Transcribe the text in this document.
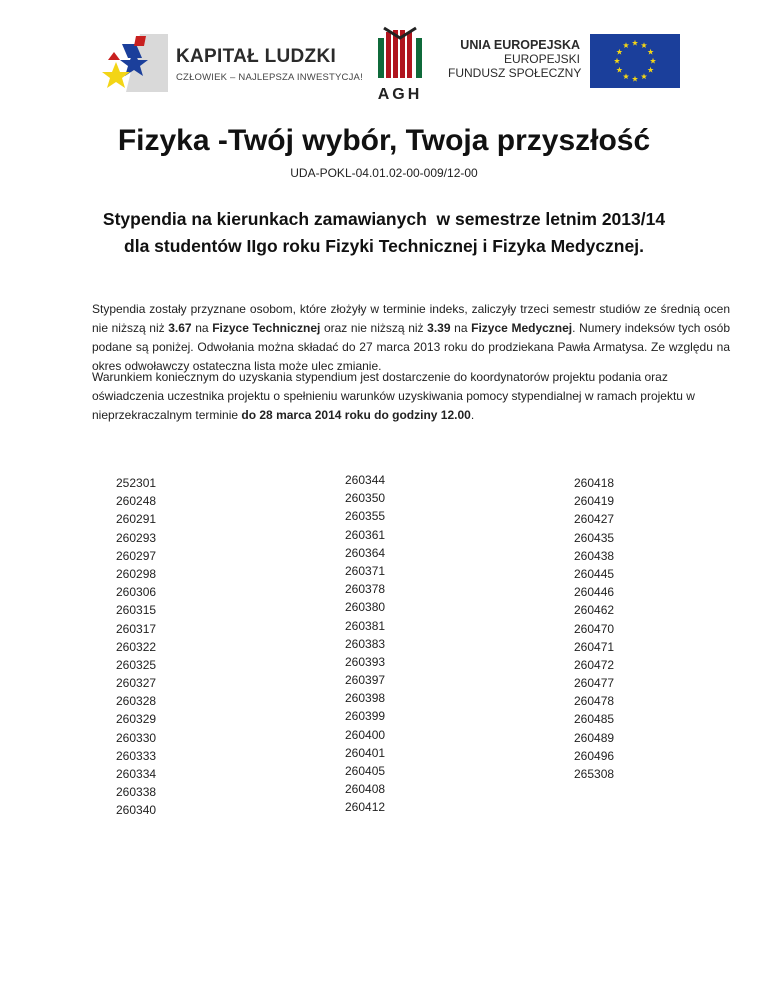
KAPITAŁ LUDZKI
CZŁOWIEK – NAJLEPSZA INWESTYCJA!
AGH
UNIA EUROPEJSKA
EUROPEJSKI
FUNDUSZ SPOŁECZNY
Fizyka -Twój wybór, Twoja przyszłość
UDA-POKL-04.01.02-00-009/12-00
Stypendia na kierunkach zamawianych  w semestrze letnim 2013/14
dla studentów IIgo roku Fizyki Technicznej i Fizyka Medycznej.
Stypendia zostały przyznane osobom, które złożyły w terminie indeks, zaliczyły trzeci semestr studiów ze średnią ocen nie niższą niż 3.67 na Fizyce Technicznej oraz nie niższą niż 3.39 na Fizyce Medycznej. Numery indeksów tych osób podane są poniżej. Odwołania można składać do 27 marca 2013 roku do prodziekana Pawła Armatysa. Ze względu na okres odwoławczy ostateczna lista może ulec zmianie.
Warunkiem koniecznym do uzyskania stypendium jest dostarczenie do koordynatorów projektu podania oraz oświadczenia uczestnika projektu o spełnieniu warunków uzyskiwania pomocy stypendialnej w ramach projektu w nieprzekraczalnym terminie do 28 marca 2014 roku do godziny 12.00.
252301
260248
260291
260293
260297
260298
260306
260315
260317
260322
260325
260327
260328
260329
260330
260333
260334
260338
260340
260344
260350
260355
260361
260364
260371
260378
260380
260381
260383
260393
260397
260398
260399
260400
260401
260405
260408
260412
260418
260419
260427
260435
260438
260445
260446
260462
260470
260471
260472
260477
260478
260485
260489
260496
265308
